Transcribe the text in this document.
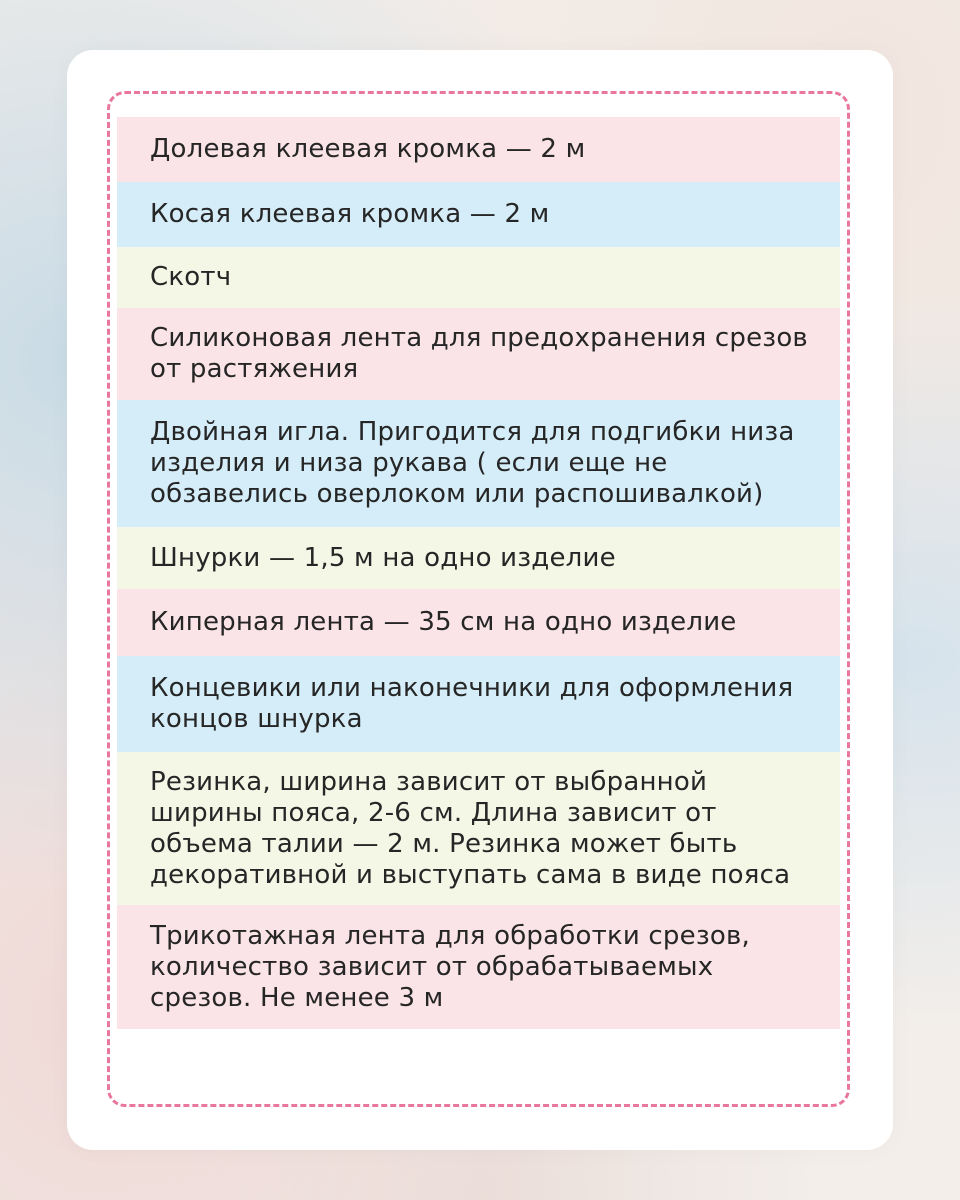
Долевая клеевая кромка — 2 м
Косая клеевая кромка — 2 м
Скотч
Силиконовая лента для предохранения срезов от растяжения
Двойная игла. Пригодится для подгибки низа изделия и низа рукава ( если еще не обзавелись оверлоком или распошивалкой)
Шнурки — 1,5 м на одно изделие
Киперная лента — 35 см на одно изделие
Концевики или наконечники для оформления концов шнурка
Резинка, ширина зависит от выбранной ширины пояса, 2-6 см. Длина зависит от объема талии — 2 м. Резинка может быть декоративной и выступать сама в виде пояса
Трикотажная лента для обработки срезов, количество зависит от обрабатываемых срезов. Не менее 3 м
